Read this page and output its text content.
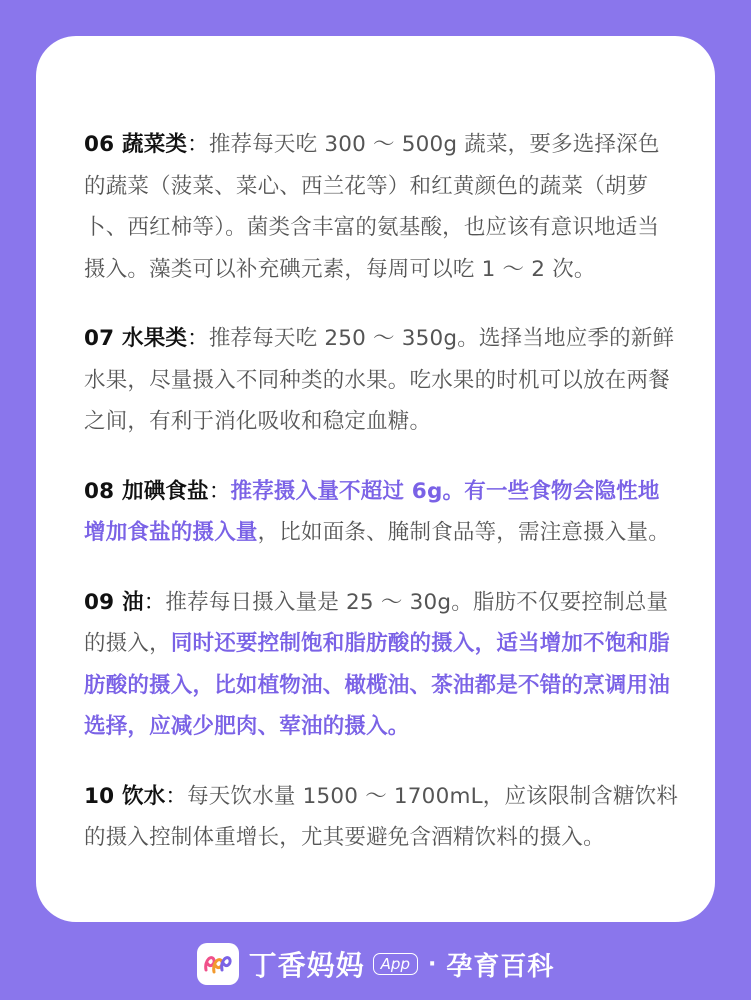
06 蔬菜类：推荐每天吃 300 ～ 500g 蔬菜，要多选择深色的蔬菜（菠菜、菜心、西兰花等）和红黄颜色的蔬菜（胡萝卜、西红柿等）。菌类含丰富的氨基酸，也应该有意识地适当摄入。藻类可以补充碘元素，每周可以吃 1 ～ 2 次。

07 水果类：推荐每天吃 250 ～ 350g。选择当地应季的新鲜水果，尽量摄入不同种类的水果。吃水果的时机可以放在两餐之间，有利于消化吸收和稳定血糖。

08 加碘食盐：推荐摄入量不超过 6g。有一些食物会隐性地增加食盐的摄入量，比如面条、腌制食品等，需注意摄入量。

09 油：推荐每日摄入量是 25 ～ 30g。脂肪不仅要控制总量的摄入，同时还要控制饱和脂肪酸的摄入，适当增加不饱和脂肪酸的摄入，比如植物油、橄榄油、茶油都是不错的烹调用油选择，应减少肥肉、荤油的摄入。

10 饮水：每天饮水量 1500 ～ 1700mL，应该限制含糖饮料的摄入控制体重增长，尤其要避免含酒精饮料的摄入。

丁香妈妈	App · 孕育百科
